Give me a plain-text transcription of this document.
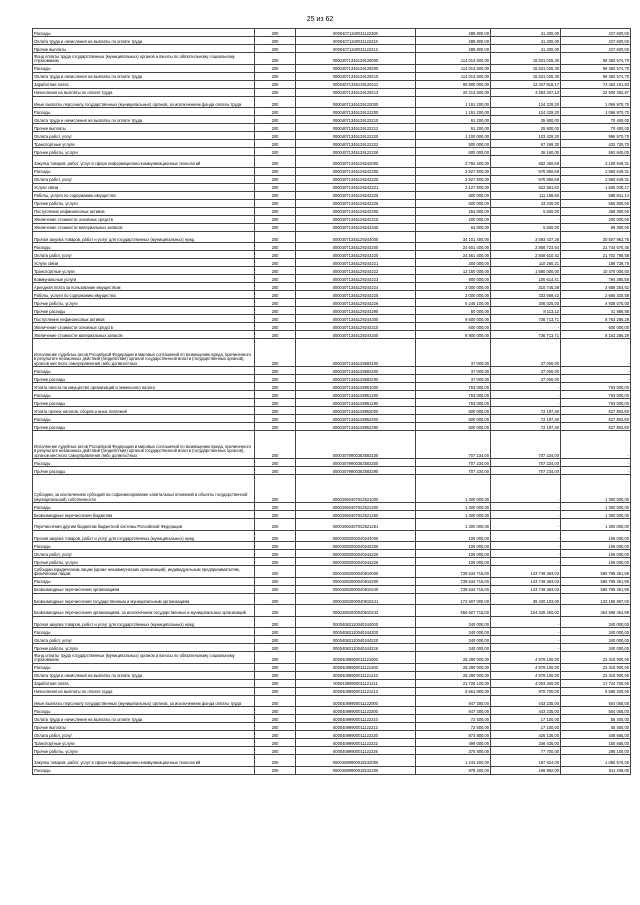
25 из 62
Расходы	200	00004071340011122200	288 800,00	41 200,00	227 600,00
Оплата труда и начисления на выплаты по оплате труда	200	00004071340011122210	288 800,00	41 200,00	227 600,00
Прочие выплаты	200	00004071340011122212	288 800,00	41 200,00	227 600,00
Фонд оплаты труда государственных (муниципальных) органов и взносы по обязательному социальному страхованию	200	00004071345129129000	113 013 600,00	16 631 025,30	96 382 574,70
Расходы	200	00004071345129129200	113 013 600,00	16 631 025,30	96 382 574,70
Оплата труда и начисления на выплаты по оплате труда	200	00004071345129129210	113 013 600,00	16 631 025,30	96 382 574,70
Заработная плата	200	00004071345129129211	86 800 000,00	13 347 818,17	73 452 181,83
Начисления на выплаты по оплате труда	200	00004071345129129213	26 213 600,00	3 283 207,13	22 930 392,87
Иные выплаты персоналу государственных (муниципальных) органов, за исключением фонда оплаты труда	200	00004071345129122000	1 191 200,00	124 229,30	1 066 970,70
Расходы	200	00004071345129122200	1 191 200,00	124 229,30	1 066 970,70
Оплата труда и начисления на выплаты по оплате труда	200	00004071345129122210	91 200,00	25 800,00	70 400,00
Прочие выплаты	200	00004071345129122212	91 200,00	25 800,00	70 400,00
Оплата работ, услуг	200	00004071345129122220	1 100 000,00	103 429,30	996 570,70
Транспортные услуги	200	00004071345129122222	500 000,00	67 269,30	432 730,70
Прочие работы, услуги	200	00004071345129122226	600 000,00	36 160,00	563 840,00
Закупка товаров, работ, услуг в сфере информационно-коммуникационных технологий	200	00004071345129242000	3 792 400,00	682 450,69	3 109 949,31
Расходы	200	00004071345129242200	3 527 600,00	676 950,69	2 850 649,31
Оплата работ, услуг	200	00004071345129242220	3 527 600,00	676 950,69	2 850 649,31
Услуги связи	200	00004071345129242221	2 127 600,00	522 561,83	1 605 038,17
Работы, услуги по содержанию имущества	200	00004071345129242225	800 000,00	111 158,86	688 841,14
Прочие работы, услуги	200	00004071345129242226	600 000,00	43 230,00	556 800,00
Поступление нефинансовых активов	200	00004071345129242300	264 800,00	5 500,00	259 300,00
Увеличение стоимости основных средств	200	00004071345129242310	200 000,00	-	200 000,00
Увеличение стоимости материальных запасов	200	00004071345129242340	64 800,00	5 500,00	59 300,00
Прочая закупка товаров, работ и услуг для государственных (муниципальных) нужд	200	00004071345129244000	34 101 400,00	3 593 437,25	30 507 962,75
Расходы	200	00004071345129244200	24 601 400,00	2 856 723,54	21 744 676,46
Оплата работ, услуг	200	00004071345129244220	24 551 400,00	2 848 610,42	21 702 789,58
Услуги связи	200	00004071345129244221	300 000,00	110 260,21	189 739,79
Транспортные услуги	200	00004071345129244222	12 150 000,00	1 680 000,00	10 470 000,00
Коммунальные услуги	200	00004071345129244223	900 000,00	105 614,41	794 385,59
Арендная плата за пользование имуществом	200	00004071345129244224	3 000 000,00	310 745,38	2 689 254,62
Работы, услуги по содержанию имущества	200	00004071345129244225	3 000 000,00	333 669,42	2 666 330,58
Прочие работы, услуги	200	00004071345129244226	5 246 100,00	308 025,00	4 938 075,00
Прочие расходы	200	00004071345129244290	50 000,00	8 113,12	41 886,88
Поступление нефинансовых активов	200	00004071345129244300	9 500 000,00	736 713,71	8 763 286,29
Увеличение стоимости основных средств	200	00004071345129244310	600 000,00	-	600 000,00
Увеличение стоимости материальных запасов	200	00004071345129244340	8 900 000,00	736 713,71	8 163 286,29
Исполнение судебных актов Российской Федерации и мировых соглашений по возмещению вреда, причиненного в результате незаконных действий (бездействия) органов государственной власти (государственных органов), органов местного самоуправления либо должностных	200	00004071345129583100	37 000,00	37 000,00	-
Расходы	200	00004071345129583200	37 000,00	37 000,00	-
Прочие расходы	200	00004071345129583290	37 000,00	37 000,00	-
Уплата налога на имущество организаций и земельного налога	200	00004071345129851000	763 000,00	-	763 000,00
Расходы	200	00004071345129851200	763 000,00	-	763 000,00
Прочие расходы	200	00004071345129851290	763 000,00	-	763 000,00
Уплата прочих налогов, сборов и иных платежей	200	00004071345129852000	600 000,00	72 197,40	527 802,60
Расходы	200	00004071345129852200	600 000,00	72 197,40	527 802,60
Прочие расходы	200	00004071345129852290	600 000,00	72 197,40	527 802,60
Исполнение судебных актов Российской Федерации и мировых соглашений по возмещению вреда, причиненного в результате незаконных действий (бездействия) органов государственной власти (государственных органов), органов местного самоуправления либо должностных	200	00004079900383583100	707 234,00	707 234,00	-
Расходы	200	00004079900383583200	707 234,00	707 234,00	-
Прочие расходы	200	00004079900383583290	707 234,00	707 234,00	-
Субсидии, за исключением субсидий на софинансирование капитальных вложений в объекты государственной (муниципальной) собственности	200	00004060407042521000	1 300 000,00	-	1 300 000,00
Расходы	200	00004060407042521200	1 300 000,00	-	1 300 000,00
Безвозмездные перечисления бюджетам	200	00004060407042521250	1 300 000,00	-	1 300 000,00
Перечисления другим бюджетам бюджетной системы Российской Федерации	200	00004060407042521251	1 300 000,00	-	1 300 000,00
Прочая закупка товаров, работ и услуг для государственных (муниципальных) нужд	200	00004082000040244000	106 000,00	-	106 000,00
Расходы	200	00004082000040244200	106 000,00	-	106 000,00
Оплата работ, услуг	200	00004082000040244220	106 000,00	-	106 000,00
Прочие работы, услуги	200	00004082000040244226	106 000,00	-	106 000,00
Субсидии юридическим лицам (кроме некоммерческих организаций), индивидуальным предпринимателям, физическим лицам	200	00004082000040810000	739 534 715,00	143 749 363,02	595 785 351,98
Расходы	200	00004082000040810200	739 534 715,00	143 749 363,02	595 785 351,98
Безвозмездные перечисления организациям	200	00004082000040810240	739 534 715,00	143 749 363,02	595 785 351,98
Безвозмездные перечисления государственным и муниципальным организациям	200	00004082000040810241	172 607 000,00	39 420 103,00	133 186 897,00
Безвозмездные перечисления организациям, за исключением государственных и муниципальных организаций	200	00004082000040810242	566 927 715,00	104 329 260,02	462 598 454,98
Прочая закупка товаров, работ и услуг для государственных (муниципальных) нужд	200	00004083110040244000	340 000,00	-	340 000,00
Расходы	200	00004083110040244200	340 000,00	-	340 000,00
Оплата работ, услуг	200	00004083110040244220	340 000,00	-	340 000,00
Прочие работы, услуги	200	00004083110040244226	340 000,00	-	340 000,00
Фонд оплаты труда государственных (муниципальных) органов и взносы по обязательному социальному страхованию	200	00004089900011121000	28 290 000,00	4 979 100,00	23 310 900,00
Расходы	200	00004089900011121200	28 290 000,00	4 979 100,00	23 310 900,00
Оплата труда и начисления на выплаты по оплате труда	200	00004089900011121210	28 290 000,00	4 979 100,00	23 310 900,00
Заработная плата	200	00004089900011121211	21 728 100,00	4 003 400,00	17 724 700,00
Начисления на выплаты по оплате труда	200	00004089900011121213	6 561 900,00	975 700,00	5 586 200,00
Иные выплаты персоналу государственных (муниципальных) органов, за исключением фонда оплаты труда	200	00004089900011122000	947 300,00	443 235,00	504 065,00
Расходы	200	00004089900011122200	947 300,00	443 235,00	504 065,00
Оплата труда и начисления на выплаты по оплате труда	200	00004089900011122210	72 500,00	17 100,00	55 400,00
Прочие выплаты	200	00004089900011122212	72 500,00	17 100,00	55 400,00
Оплата работ, услуг	200	00004089900011122220	874 800,00	426 135,00	448 665,00
Транспортные услуги	200	00004089900011122222	499 000,00	348 435,00	150 565,00
Прочие работы, услуги	200	00004089900011122226	375 800,00	77 700,00	298 100,00
Закупка товаров, работ, услуг в сфере информационно-коммуникационных технологий	200	00004089900018242000	1 243 200,00	187 624,00	1 055 576,00
Расходы	200	00004089900018242200	978 200,00	166 992,00	811 208,00
